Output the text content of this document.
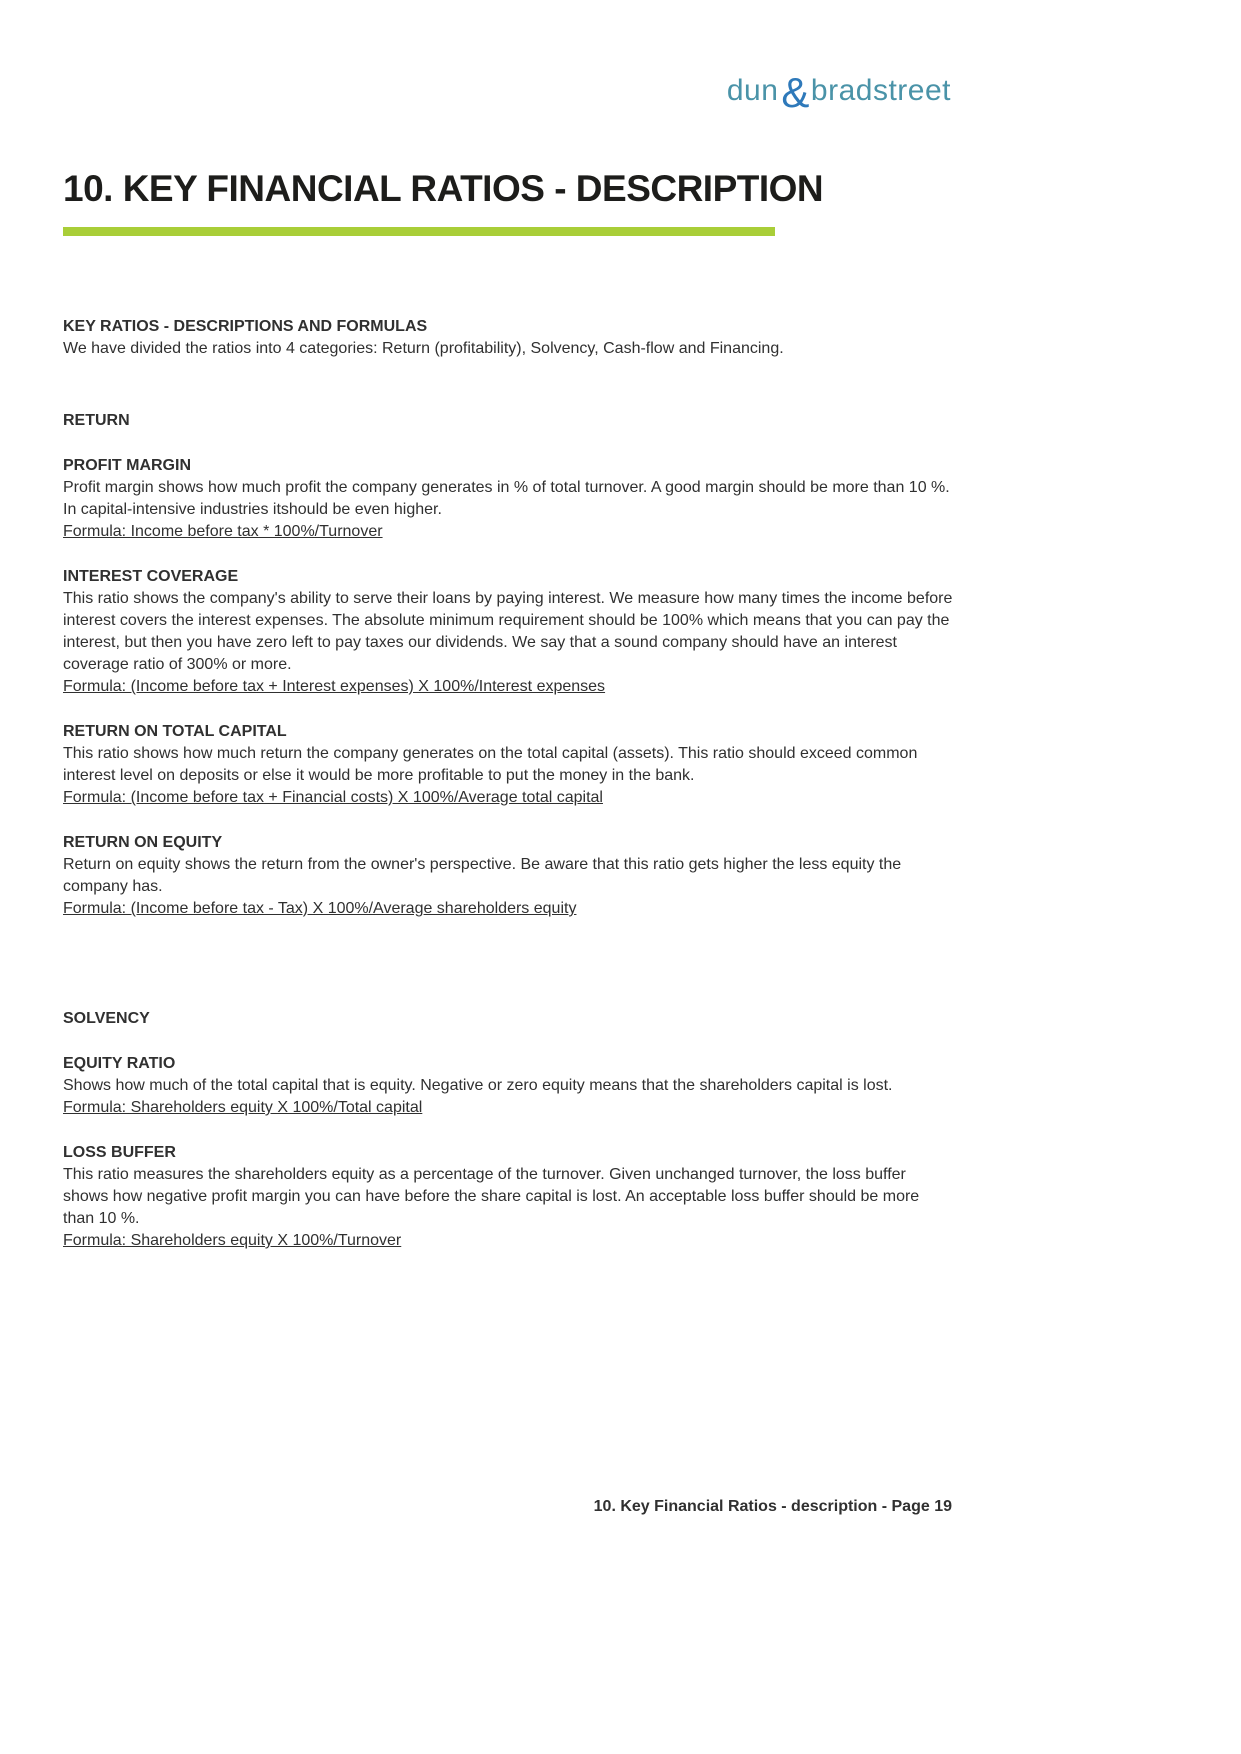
dun&bradstreet
10. KEY FINANCIAL RATIOS - DESCRIPTION
KEY RATIOS - DESCRIPTIONS AND FORMULAS

We have divided the ratios into 4 categories: Return (profitability), Solvency, Cash-flow and Financing.

RETURN
PROFIT MARGIN

Profit margin shows how much profit the company generates in % of total turnover. A good margin should be more than 10 %. In capital-intensive industries itshould be even higher.

Formula: Income before tax * 100%/Turnover

INTEREST COVERAGE

This ratio shows the company's ability to serve their loans by paying interest. We measure how many times the income before interest covers the interest expenses. The absolute minimum requirement should be 100% which means that you can pay the interest, but then you have zero left to pay taxes our dividends. We say that a sound company should have an interest coverage ratio of 300% or more.

Formula: (Income before tax + Interest expenses) X 100%/Interest expenses

RETURN ON TOTAL CAPITAL

This ratio shows how much return the company generates on the total capital (assets). This ratio should exceed common interest level on deposits or else it would be more profitable to put the money in the bank.

Formula: (Income before tax + Financial costs) X 100%/Average total capital

RETURN ON EQUITY

Return on equity shows the return from the owner's perspective. Be aware that this ratio gets higher the less equity the company has.

Formula: (Income before tax - Tax) X 100%/Average shareholders equity

SOLVENCY
EQUITY RATIO

Shows how much of the total capital that is equity. Negative or zero equity means that the shareholders capital is lost.

Formula: Shareholders equity X 100%/Total capital

LOSS BUFFER

This ratio measures the shareholders equity as a percentage of the turnover. Given unchanged turnover, the loss buffer shows how negative profit margin you can have before the share capital is lost. An acceptable loss buffer should be more than 10 %.

Formula: Shareholders equity X 100%/Turnover

10. Key Financial Ratios - description - Page 19
